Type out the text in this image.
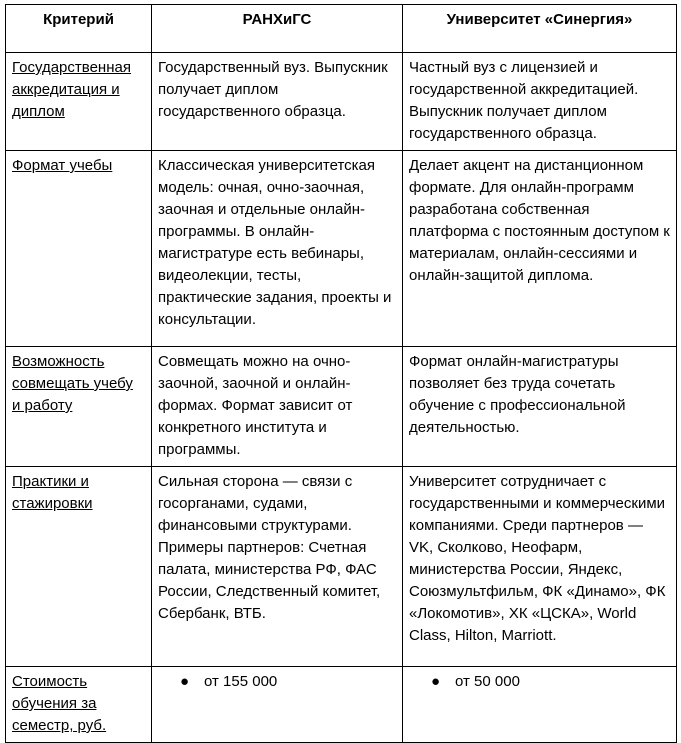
Критерий	РАНХиГС	Университет «Синергия»
Государственная аккредитация и диплом	Государственный вуз. Выпускник получает диплом государственного образца.	Частный вуз с лицензией и государственной аккредитацией. Выпускник получает диплом государственного образца.
Формат учебы	Классическая университетская модель: очная, очно-заочная, заочная и отдельные онлайн-программы. В онлайн-магистратуре есть вебинары, видеолекции, тесты, практические задания, проекты и консультации.	Делает акцент на дистанционном формате. Для онлайн-программ разработана собственная платформа с постоянным доступом к материалам, онлайн-сессиями и онлайн-защитой диплома.
Возможность совмещать учебу и работу	Совмещать можно на очно-заочной, заочной и онлайн-формах. Формат зависит от конкретного института и программы.	Формат онлайн-магистратуры позволяет без труда сочетать обучение с профессиональной деятельностью.
Практики и стажировки	Сильная сторона — связи с госорганами, судами, финансовыми структурами. Примеры партнеров: Счетная палата, министерства РФ, ФАС России, Следственный комитет, Сбербанк, ВТБ.	Университет сотрудничает с государственными и коммерческими компаниями. Среди партнеров — VK, Сколково, Неофарм, министерства России, Яндекс, Союзмультфильм, ФК «Динамо», ФК «Локомотив», ХК «ЦСКА», World Class, Hilton, Marriott.
Стоимость обучения за семестр, руб.	● от 155 000	● от 50 000
